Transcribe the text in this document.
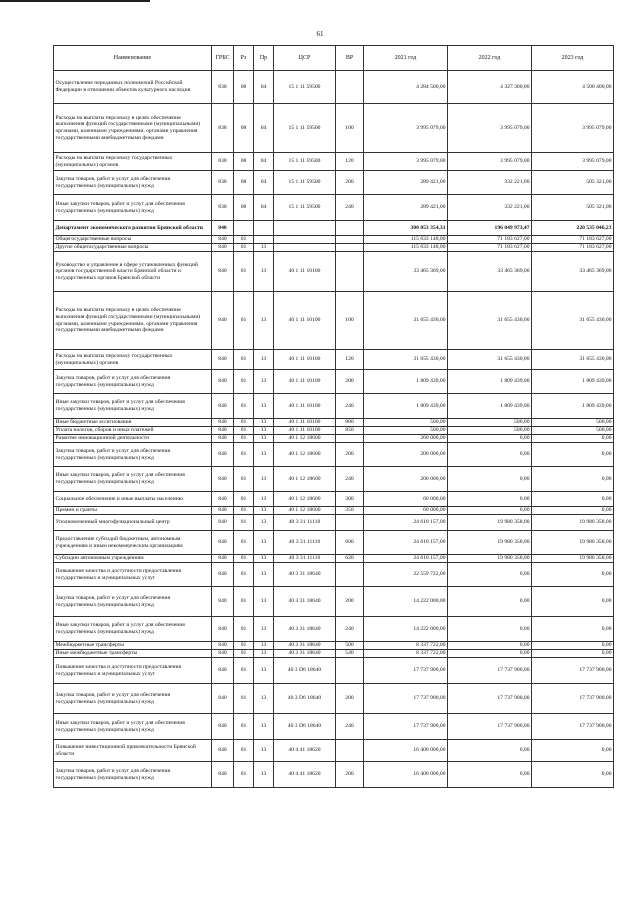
61
Наименование	ГРБС	Рз	Пр	ЦСР	ВР	2021 год	2022 год	2023 год
Осуществление переданных полномочий Российской Федерации в отношении объектов культурного наследия	838	08	04	15 1 11 59500		4 284 500,00	4 327 300,00	4 500 400,00
Расходы на выплаты персоналу в целях обеспечения выполнения функций государственными (муниципальными) органами, казенными учреждениями, органами управления государственными внебюджетными фондами	838	08	04	15 1 11 59500	100	3 995 079,00	3 995 079,00	3 995 079,00
Расходы на выплаты персоналу государственных (муниципальных) органов	838	08	04	15 1 11 59500	120	3 995 079,00	3 995 079,00	3 995 079,00
Закупка товаров, работ и услуг для обеспечения государственных (муниципальных) нужд	838	08	04	15 1 11 59500	200	289 421,00	332 221,00	505 321,00
Иные закупки товаров, работ и услуг для обеспечения государственных (муниципальных) нужд	838	08	04	15 1 11 59500	240	289 421,00	332 221,00	505 321,00
Департамент экономического развития Брянской области	840					300 053 354,31	196 049 973,47	220 535 046,23
Общегосударственные вопросы	840	01				115 033 148,00	71 183 627,00	71 183 627,00
Другие общегосударственные вопросы	840	01	13			115 033 148,00	71 183 627,00	71 183 627,00
Руководство и управление в сфере установленных функций органов государственной власти Брянской области и государственных органов Брянской области	840	01	13	40 1 11 10100		33 465 369,00	33 465 369,00	33 465 369,00
Расходы на выплаты персоналу в целях обеспечения выполнения функций государственными (муниципальными) органами, казенными учреждениями, органами управления государственными внебюджетными фондами	840	01	13	40 1 11 10100	100	31 655 430,00	31 655 430,00	31 655 430,00
Расходы на выплаты персоналу государственных (муниципальных) органов	840	01	13	40 1 11 10100	120	31 655 430,00	31 655 430,00	31 655 430,00
Закупка товаров, работ и услуг для обеспечения государственных (муниципальных) нужд	840	01	13	40 1 11 10100	200	1 809 439,00	1 809 439,00	1 809 439,00
Иные закупки товаров, работ и услуг для обеспечения государственных (муниципальных) нужд	840	01	13	40 1 11 10100	240	1 809 439,00	1 809 439,00	1 809 439,00
Иные бюджетные ассигнования	840	01	13	40 1 11 10100	800	500,00	500,00	500,00
Уплата налогов, сборов и иных платежей	840	01	13	40 1 11 10100	850	500,00	500,00	500,00
Развитие инновационной деятельности	840	01	13	40 1 12 18600		260 000,00	0,00	0,00
Закупка товаров, работ и услуг для обеспечения государственных (муниципальных) нужд	840	01	13	40 1 12 18600	200	200 000,00	0,00	0,00
Иные закупки товаров, работ и услуг для обеспечения государственных (муниципальных) нужд	840	01	13	40 1 12 18600	240	200 000,00	0,00	0,00
Социальное обеспечение и иные выплаты населению	840	01	13	40 1 12 18600	300	60 000,00	0,00	0,00
Премии и гранты	840	01	13	40 1 12 18600	350	60 000,00	0,00	0,00
Уполномоченный многофункциональный центр	840	01	13	40 3 31 11110		24 610 157,00	19 980 358,00	19 980 358,00
Предоставление субсидий бюджетным, автономным учреждениям и иным некоммерческим организациям	840	01	13	40 3 31 11110	600	24 610 157,00	19 980 358,00	19 980 358,00
Субсидии автономным учреждениям	840	01	13	40 3 31 11110	620	24 610 157,00	19 980 358,00	19 980 358,00
Повышение качества и доступности предоставления государственных и муниципальных услуг	840	01	13	40 3 31 18640		22 559 722,00	0,00	0,00
Закупка товаров, работ и услуг для обеспечения государственных (муниципальных) нужд	840	01	13	40 3 31 18640	200	14 222 000,00	0,00	0,00
Иные закупки товаров, работ и услуг для обеспечения государственных (муниципальных) нужд	840	01	13	40 3 31 18640	240	14 222 000,00	0,00	0,00
Межбюджетные трансферты	840	01	13	40 3 31 18640	500	8 337 722,00	0,00	0,00
Иные межбюджетные трансферты	840	01	13	40 3 31 18640	540	8 337 722,00	0,00	0,00
Повышение качества и доступности предоставления государственных и муниципальных услуг	840	01	13	40 3 D6 18640		17 737 900,00	17 737 900,00	17 737 900,00
Закупка товаров, работ и услуг для обеспечения государственных (муниципальных) нужд	840	01	13	40 3 D6 18640	200	17 737 900,00	17 737 900,00	17 737 900,00
Иные закупки товаров, работ и услуг для обеспечения государственных (муниципальных) нужд	840	01	13	40 3 D6 18640	240	17 737 900,00	17 737 900,00	17 737 900,00
Повышение инвестиционной привлекательности Брянской области	840	01	13	40 4 41 18620		16 400 000,00	0,00	0,00
Закупка товаров, работ и услуг для обеспечения государственных (муниципальных) нужд	840	01	13	40 4 41 18620	200	16 400 000,00	0,00	0,00
